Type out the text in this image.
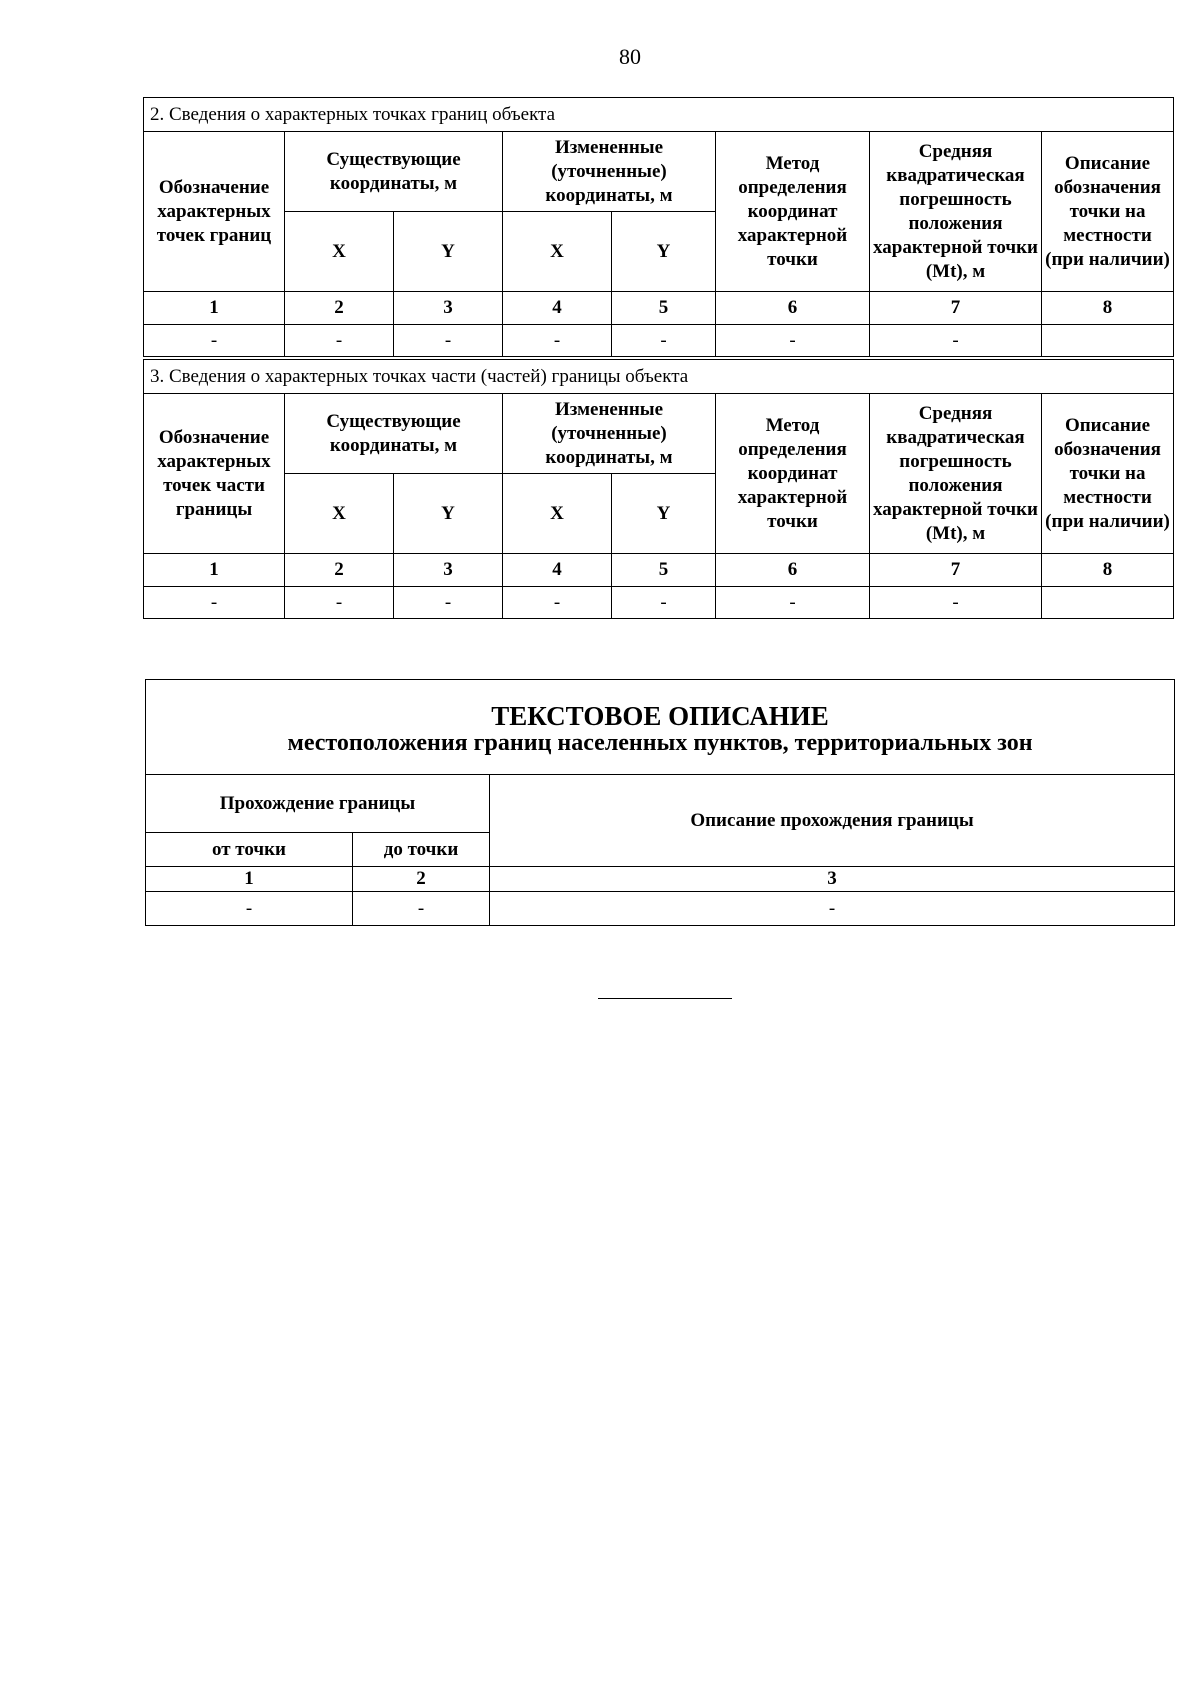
80
2. Сведения о характерных точках границ объекта							
Обозначение характерных точек границ	Существующие координаты, м		Измененные (уточненные) координаты, м		Метод определения координат характерной точки	Средняя квадратическая погрешность положения характерной точки (Mt), м	Описание обозначения точки на местности (при наличии)
	X	Y	X	Y			
1	2	3	4	5	6	7	8
-	-	-	-	-	-	-	
3. Сведения о характерных точках части (частей) границы объекта							
Обозначение характерных точек части границы	Существующие координаты, м		Измененные (уточненные) координаты, м		Метод определения координат характерной точки	Средняя квадратическая погрешность положения характерной точки (Mt), м	Описание обозначения точки на местности (при наличии)
	X	Y	X	Y			
1	2	3	4	5	6	7	8
-	-	-	-	-	-	-	
ТЕКСТОВОЕ ОПИСАНИЕ
местоположения границ населенных пунктов, территориальных зон		

Прохождение границы		Описание прохождения границы
от точки	до точки	
1	2	3
-	-	-
